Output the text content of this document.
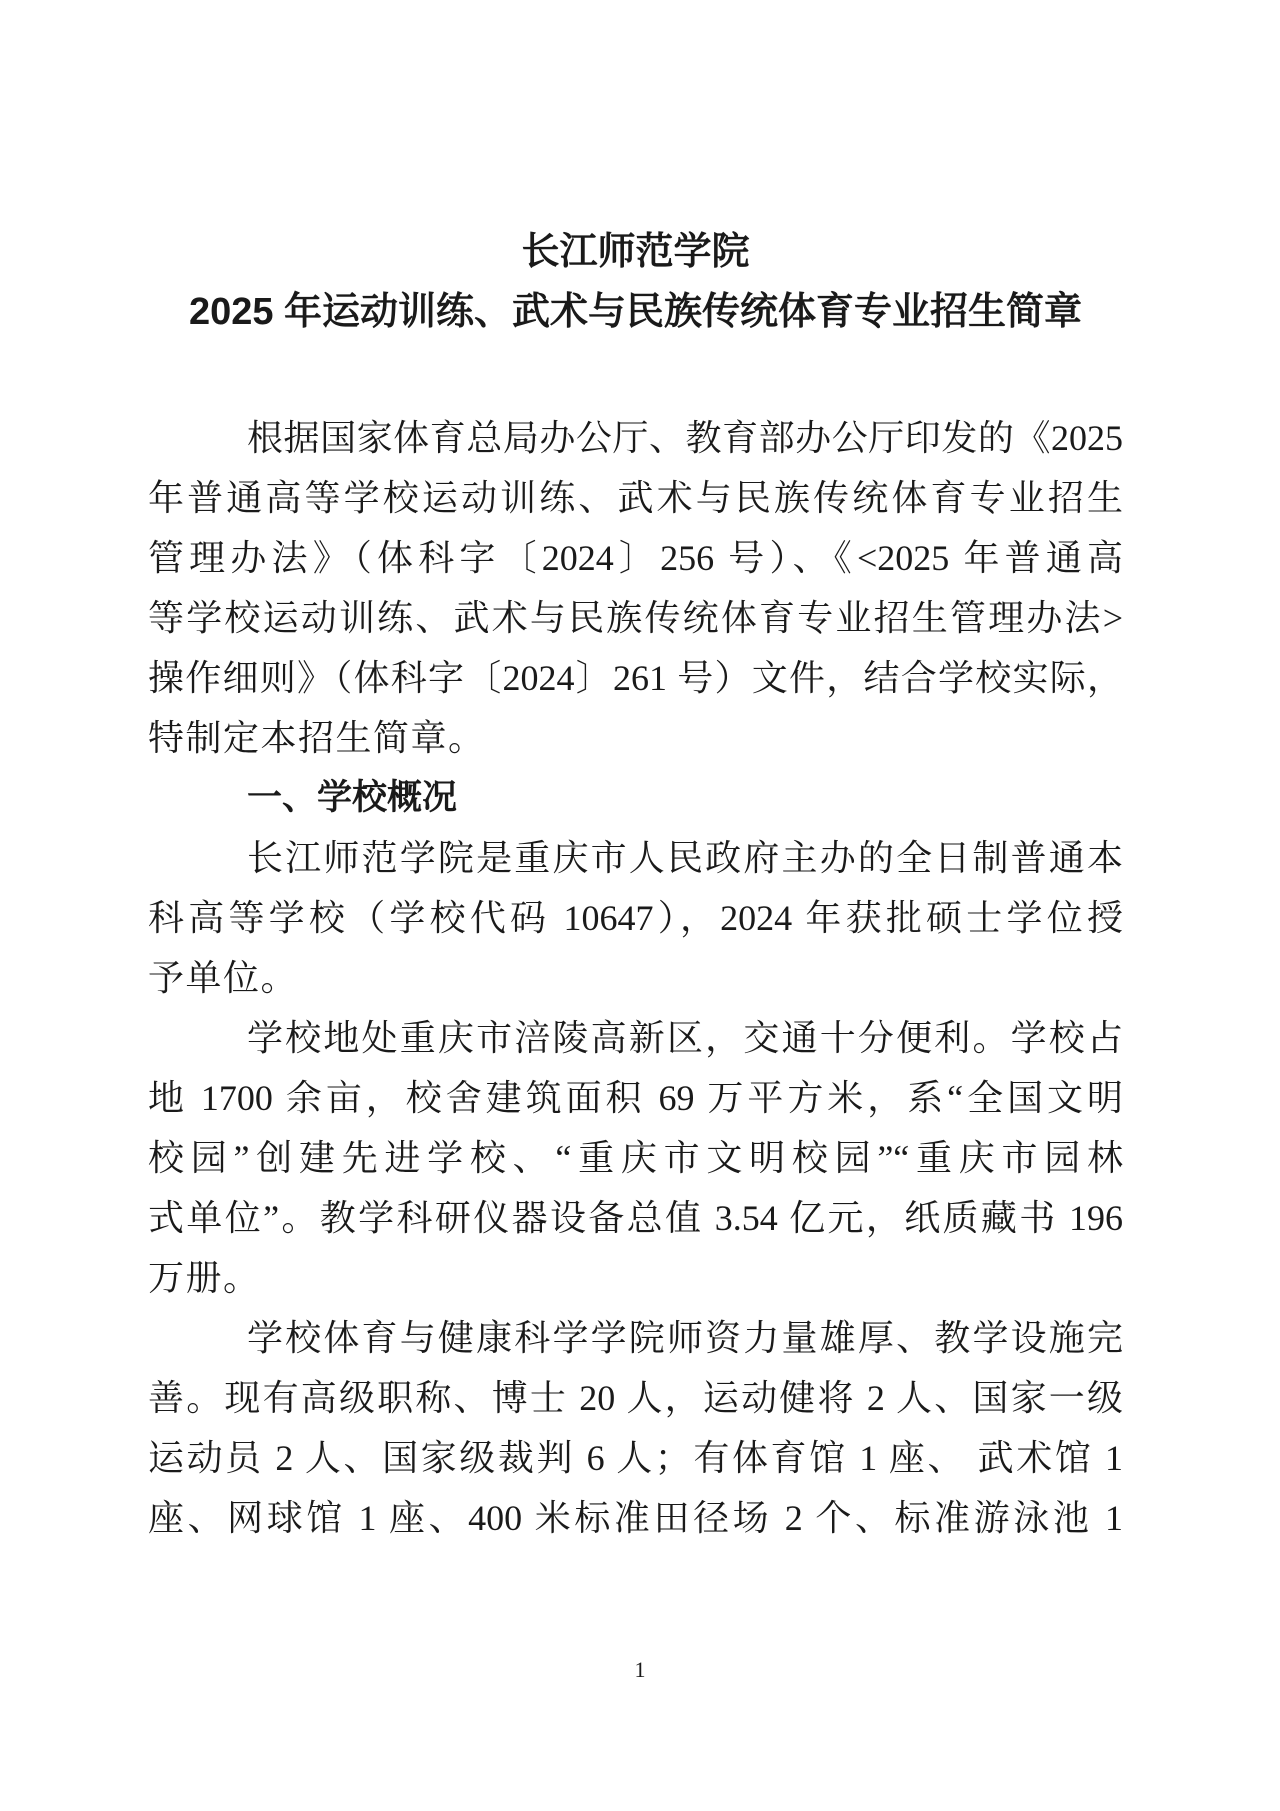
长江师范学院
2025 年运动训练、武术与民族传统体育专业招生简章
根据国家体育总局办公厅、教育部办公厅印发的《2025
年普通高等学校运动训练、武术与民族传统体育专业招生
管理办法》（体科字〔2024〕256 号）、《<2025 年普通高
等学校运动训练、武术与民族传统体育专业招生管理办法>
操作细则》（体科字〔2024〕261 号）文件，结合学校实际，
特制定本招生简章。
一、学校概况
长江师范学院是重庆市人民政府主办的全日制普通本
科高等学校（学校代码 10647），2024 年获批硕士学位授
予单位。
学校地处重庆市涪陵高新区，交通十分便利。学校占
地 1700 余亩，校舍建筑面积 69 万平方米，系“全国文明
校园”创建先进学校、“重庆市文明校园”“重庆市园林
式单位”。教学科研仪器设备总值 3.54 亿元，纸质藏书 196
万册。
学校体育与健康科学学院师资力量雄厚、教学设施完
善。现有高级职称、博士 20 人，运动健将 2 人、国家一级
运动员 2 人、国家级裁判 6 人；有体育馆 1 座、 武术馆 1
座、网球馆 1 座、400 米标准田径场 2 个、标准游泳池 1
1
